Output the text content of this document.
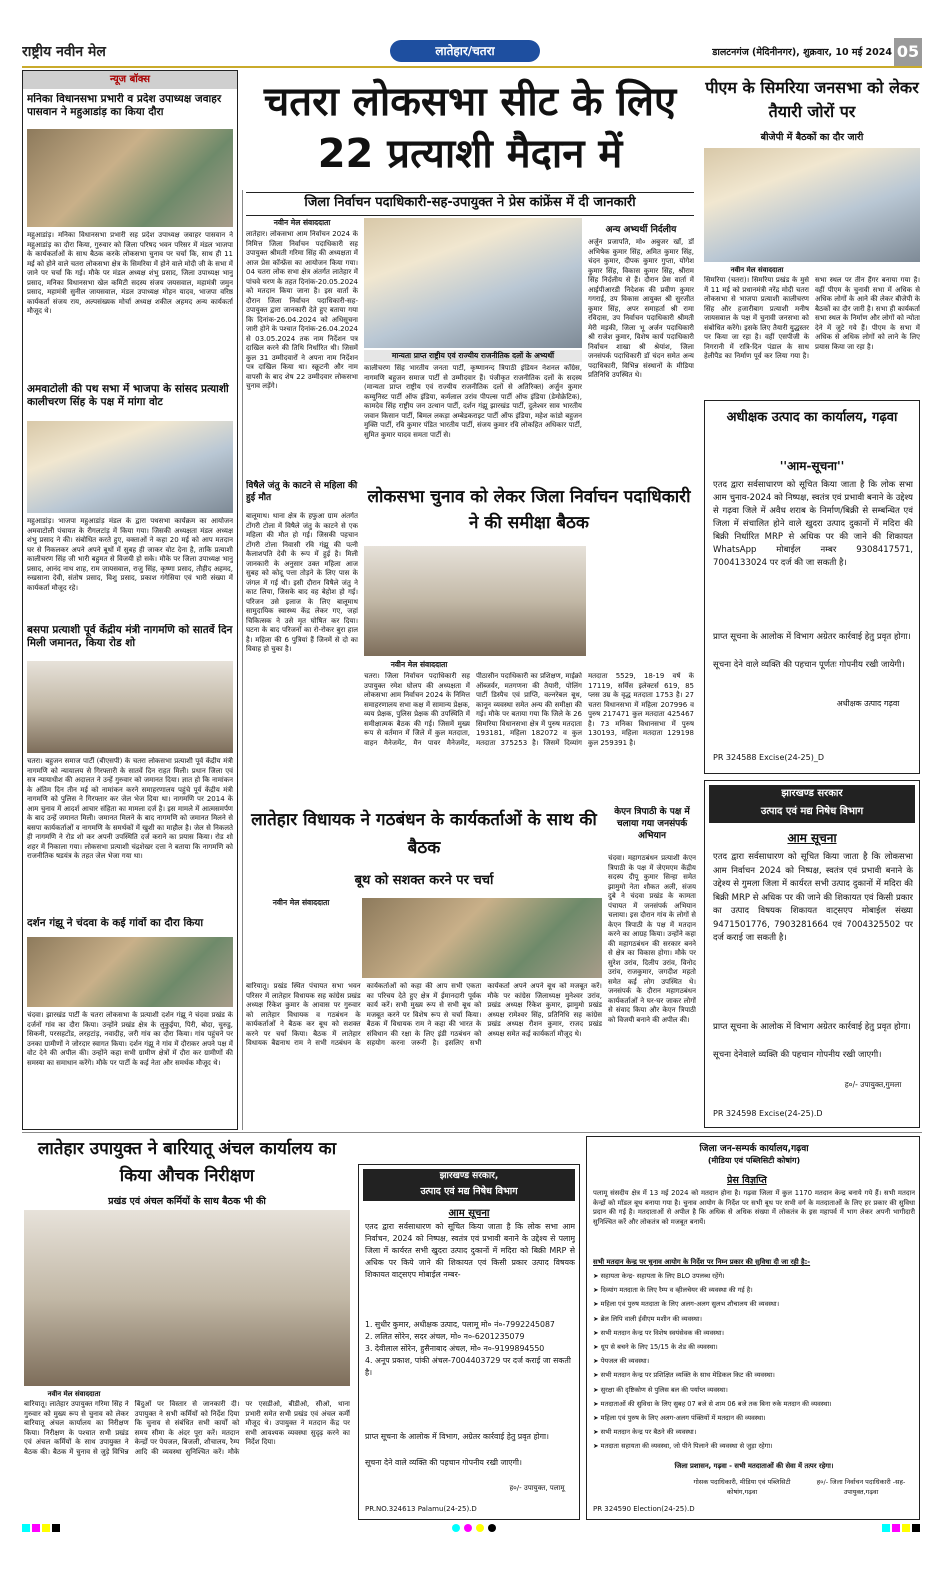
राष्ट्रीय नवीन मेल	लातेहार/चतरा	डालटनगंज (मेदिनीनगर), शुक्रवार, 10 मई 2024 05
न्यूज बॉक्स
मनिका विधानसभा प्रभारी व प्रदेश उपाध्यक्ष जवाहर पासवान ने महुआडांड़ का किया दौरा
महुआडांड़। मनिका विधानसभा प्रभारी सह प्रदेश उपाध्यक्ष जवाहर पासवान ने महुआडांड़ का दौरा किया, गुरुवार को जिला परिषद भवन परिसर में मंडल भाजपा के कार्यकर्ताओं के साथ बैठक करके लोकसभा चुनाव पर चर्चा कि, साथ ही 11 मई को होने वाले चतरा लोकसभा क्षेत्र के सिमरिया में होने वाले मोदी जी के सभा में जाने पर चर्चा कि गई। मौके पर मंडल अध्यक्ष शंभु प्रसाद, जिला उपाध्यक्ष भानु प्रसाद, मनिका विधानसभा खेल कमिटी सदस्य संजय जयसवाल, महामंत्री जमुन प्रसाद, महामंत्री सुनील जायसवाल, मंडल उपाध्यक्ष मोहन यादव, भाजपा वरिष्ठ कार्यकर्ता संजय राय, अल्पसंख्यक मोर्चा अध्यक्ष शकील अहमद अन्य कार्यकर्ता मौजूद थे।
अमवाटोली की पथ सभा में भाजपा के सांसद प्रत्याशी कालीचरण सिंह के पक्ष में मांगा वोट
महुआडांड़। भाजपा महुआडांड़ मंडल के द्वारा पथसभा कार्यक्रम का आयोजन अमवाटोली पंचायत के रीगलटांड़ में किया गया। जिसकी अध्यक्षता मंडल अध्यक्ष शंभु प्रसाद ने की। संबोधित करते हुए, वक्ताओं ने कहा 20 मई को आप मतदान घर से निकलकर अपने अपने बूथों में सुबह ही जाकर वोट देना है, ताकि प्रत्याशी कालीचरण सिंह जी भारी बहुमत से विजयी हो सके। मौके पर जिला उपाध्यक्ष भानु प्रसाद, आनंद नाथ शाह, राम जायसवाल, राजु सिंह, कृष्णा प्रसाद, तौहीद अहमद, रुखसाना देवी, संतोष प्रसाद, विशु प्रसाद, प्रकाश गंगेसिया एवं भारी संख्या में कार्यकर्ता मौजूद रहे।
बसपा प्रत्याशी पूर्व केंद्रीय मंत्री नागमणि को सातवें दिन मिली जमानत, किया रोड शो
चतरा। बहुजन समाज पार्टी (बीएसपी) के चतरा लोकसभा प्रत्याशी पूर्व केंद्रीय मंत्री नागमणि को न्यायालय से गिरफ्तारी के सातवें दिन राहत मिली। प्रधान जिला एवं सत्र न्यायाधीश की अदालत ने उन्हें गुरुवार को जमानत दिया। ज्ञात हो कि नामांकन के अंतिम दिन तीन मई को नामांकन करने समाहरणालय पहुंचे पूर्व केंद्रीय मंत्री नागमणि को पुलिस ने गिरफ्तार कर जेल भेज दिया था। नागमणि पर 2014 के आम चुनाव में आदर्श आचार संहिता का मामला दर्ज है। इस मामले में आत्मसमर्पण के बाद उन्हें जमानत मिली। जमानत मिलने के बाद नागमणि को जमानत मिलने से बसपा कार्यकर्ताओं व नागमणि के समर्थकों में खुशी का माहौल है। जेल से निकलते ही नागमणि ने रोड शो कर अपनी उपस्थिति दर्ज कराने का प्रयास किया। रोड शो शहर में निकाला गया। लोकसभा प्रत्याशी चंद्रशेखर दत्ता ने बताया कि नागमणि को राजनीतिक षडयंत्र के तहत जेल भेजा गया था।
दर्शन गंझू ने चंदवा के कई गांवों का दौरा किया
चंदवा। झारखंड पार्टी के चतरा लोकसभा के प्रत्याशी दर्शन गंझू ने चंदवा प्रखंड के दर्जनों गांव का दौरा किया। उन्होंने प्रखंड क्षेत्र के लुकुईया, पिरी, बोदा, चुरुडु, सिकनी, परसहटोंड, लरहटांड़, नवादीह, जरी गांव का दौरा किया। गांव पहुंचने पर उनका ग्रामीणों ने जोरदार स्वागत किया। दर्शन गंझू ने गांव में दौराकर अपने पक्ष में वोट देने की अपील की। उन्होंने कहा सभी ग्रामीण क्षेत्रों में दौरा कर ग्रामीणों की समस्या का समाधान करेंगे। मौके पर पार्टी के कई नेता और समर्थक मौजूद थे।
चतरा लोकसभा सीट के लिए 22 प्रत्याशी मैदान में
जिला निर्वाचन पदाधिकारी-सह-उपायुक्त ने प्रेस कांफ्रेंस में दी जानकारी
नवीन मेल संवाददाता
लातेहार। लोकसभा आम निर्वाचन 2024 के निमित्त जिला निर्वाचन पदाधिकारी सह उपायुक्त श्रीमती गरिमा सिंह की अध्यक्षता में आज प्रेस कॉन्फ्रेंस का आयोजन किया गया। 04 चतरा लोक सभा क्षेत्र अंतर्गत लातेहार में पांचवे चरण के तहत दिनांक-20.05.2024 को मतदान किया जाना है। इस वार्ता के दौरान जिला निर्वाचन पदाधिकारी-सह-उपायुक्त द्वारा जानकारी देते हुए बताया गया कि दिनांक-26.04.2024 को अधिसूचना जारी होने के पश्चात दिनांक-26.04.2024 से 03.05.2024 तक नाम निर्देशन पत्र दाखिल करने की तिथि निर्धारित थी। जिसमें कुल 31 उम्मीदवारों ने अपना नाम निर्देशन पत्र दाखिल किया था। स्क्रूटनी और नाम वापसी के बाद शेष 22 उम्मीदवार लोकसभा चुनाव लड़ेंगे।
मान्यता प्राप्त राष्ट्रीय एवं राज्यीय राजनीतिक दलों के अभ्यर्थी
कालीचरण सिंह भारतीय जनता पार्टी, कृष्णानन्द त्रिपाठी इंडियन नेशनल काँग्रेस, नागमणि बहुजन समाज पार्टी से उम्मीदवार हैं। पंजीकृत राजनीतिक दलों के सदस्य (मान्यता प्राप्त राष्ट्रीय एवं राज्यीय राजनीतिक दलों से अतिरिक्त) अर्जुन कुमार कम्युनिस्ट पार्टी ऑफ इंडिया, कर्मलाल उरांव पीपल्स पार्टी ऑफ इंडिया (डेमोक्रेटिक), कामदेव सिंह राष्ट्रीय जन उत्थान पार्टी, दर्शन गंझू झारखंड पार्टी, दुलेश्वर साव भारतीय जवान किसान पार्टी, बिमल लकड़ा अम्बेडकराइट पार्टी ऑफ इंडिया, महेश कांडो बहुजन मुक्ति पार्टी, रवि कुमार पंडित भारतीय पार्टी, संजय कुमार रवि लोकहित अधिकार पार्टी, सुमित कुमार यादव समता पार्टी से।
अन्य अभ्यर्थी निर्दलीय
अर्जुन प्रजापति, मो० अबुजर खाँ, डॉ अभिषेक कुमार सिंह, अमित कुमार सिंह, चंदन कुमार, दीपक कुमार गुप्ता, योगेश कुमार सिंह, विकास कुमार सिंह, श्रीराम सिंह निर्दलीय से हैं। दौरान प्रेस वार्ता में आईपीआरडी निदेशक की प्रवीण कुमार गगराई, उप विकास आयुक्त श्री सुरजीत कुमार सिंह, अपर समाहर्ता श्री रामा रविदास, उप निर्वाचन पदाधिकारी श्रीमती मेरी मड़की, जिला भू अर्जन पदाधिकारी श्री राजेश कुमार, विशेष कार्य पदाधिकारी निर्वाचन शाखा श्री श्रेयांश, जिला जनसंपर्क पदाधिकारी डॉ चंदन समेत अन्य पदाधिकारी, विभिन्न संस्थानों के मीडिया प्रतिनिधि उपस्थित थे।
विषैले जंतु के काटने से महिला की हुई मौत
बालूमाथ। थाना क्षेत्र के हफुआ ग्राम अंतर्गत टोंगरी टोला में विषैले जंतु के काटने से एक महिला की मौत हो गई। जिसकी पहचान टोंगरी टोला निवासी रवि गंझू की पत्नी कैलाशपति देवी के रूप में हुई है। मिली जानकारी के अनुसार उक्त महिला आज सुबह को कोदू पत्ता तोड़ने के लिए पास के जंगल में गई थी। इसी दौरान विषैले जंतु ने काट लिया, जिसके बाद वह बेहोश हो गई। परिजन उसे इलाज के लिए बालूमाथ सामुदायिक स्वास्थ्य केंद्र लेकर गए, जहां चिकित्सक ने उसे मृत घोषित कर दिया। घटना के बाद परिजनों का रो-रोकर बुरा हाल है। महिला की 6 पुत्रियां हैं जिनमें से दो का विवाह हो चुका है।
लोकसभा चुनाव को लेकर जिला निर्वाचन पदाधिकारी ने की समीक्षा बैठक
नवीन मेल संवाददाता
चतरा। जिला निर्वाचन पदाधिकारी सह उपायुक्त रमेश घोलप की अध्यक्षता में लोकसभा आम निर्वाचन 2024 के निमित्त समाहरणालय सभा कक्ष में सामान्य प्रेक्षक, व्यय प्रेक्षक, पुलिस प्रेक्षक की उपस्थिति में समीक्षात्मक बैठक की गई। जिसमें मुख्य रूप से वर्तमान में जिले में कुल मतदाता, वाहन मैनेजमेंट, मैन पावर मैनेजमेंट, पीठासीन पदाधिकारी का प्रशिक्षण, माईक्रो ऑब्जर्वर, मतगणना की तैयारी, पोलिंग पार्टी डिस्पैच एवं प्राप्ति, वल्नरेबल बूथ, कानून व्यवस्था समेत अन्य की समीक्षा की गई। मौके पर बताया गया कि जिले के 26 सिमरिया विधानसभा क्षेत्र में पुरुष मतदाता 193181, महिला 182072 व कुल मतदाता 375253 है। जिसमें दिव्यांग मतदाता 5529, 18-19 वर्ष के 17119, सर्विस इलेक्टर्स 619, 85 प्लस उम्र के वृद्ध मतदाता 1753 है। 27 चतरा विधानसभा में महिला 207996 व पुरुष 217471 कुल मतदाता 425467 है। 73 मनिका विधानसभा में पुरुष 130193, महिला मतदाता 129198 कुल 259391 है।
लातेहार विधायक ने गठबंधन के कार्यकर्ताओं के साथ की बैठक
बूथ को सशक्त करने पर चर्चा
नवीन मेल संवाददाता
बारियातू। प्रखंड स्थित पंचायत सभा भवन परिसर में लातेहार विधायक सह कांग्रेस प्रखंड अध्यक्ष रिंकेश कुमार के आवास पर गुरुवार को लातेहार विधायक व गठबंधन के कार्यकर्ताओं ने बैठक कर बूथ को सशक्त करने पर चर्चा किया। बैठक में लातेहार विधायक बैद्यनाथ राम ने सभी गठबंधन के कार्यकर्ताओं को कहा की आप सभी एकता का परिचय देते हुए क्षेत्र में ईमानदारी पूर्वक कार्य करें। सभी मुख्य रूप से सभी बूथ को मजबूत करने पर विशेष रूप से चर्चा किया। बैठक में विधायक राम ने कहा की भारत के संविधान की रक्षा के लिए इंडी गठबंधन को सहयोग करना जरूरी है। इसलिए सभी कार्यकर्ता अपने अपने बूथ को मजबूत करें। मौके पर कांग्रेस जिलाध्यक्ष मुनेश्वर उरांव, प्रखंड अध्यक्ष रिंकेश कुमार, झामुमो प्रखंड अध्यक्ष रामेश्वर सिंह, प्रतिनिधि सह कांग्रेस प्रखंड अध्यक्ष रौशन कुमार, राजद प्रखंड अध्यक्ष समेत कई कार्यकर्ता मौजूद थे।
केएन त्रिपाठी के पक्ष में चलाया गया जनसंपर्क अभियान
चंदवा। महागठबंधन प्रत्याशी केएन त्रिपाठी के पक्ष में जेएमएम केंद्रीय सदस्य दीपू कुमार सिन्हा समेत झामुमो नेता शौकत अली, संजय दुबे ने चंदवा प्रखंड के कामता पंचायत में जनसंपर्क अभियान चलाया। इस दौरान गांव के लोगों से केएन त्रिपाठी के पक्ष में मतदान करने का आग्रह किया। उन्होंने कहा की महागठबंधन की सरकार बनने से क्षेत्र का विकास होगा। मौके पर सुरेश उरांव, दिलीप उरांव, विनोद उरांव, राजकुमार, जगदीश महतो समेत कई लोग उपस्थित थे। जनसंपर्क के दौरान महागठबंधन कार्यकर्ताओं ने घर-घर जाकर लोगों से संवाद किया और केएन त्रिपाठी को विजयी बनाने की अपील की।
पीएम के सिमरिया जनसभा को लेकर तैयारी जोरों पर
बीजेपी में बैठकों का दौर जारी
नवीन मेल संवाददाता
सिमरिया (चतरा)। सिमरिया प्रखंड के मुसे में 11 मई को प्रधानमंत्री नरेंद्र मोदी चतरा लोकसभा से भाजपा प्रत्याशी कालीचरण सिंह और हजारीबाग प्रत्याशी मनीष जायसवाल के पक्ष में चुनावी जनसभा को संबोधित करेंगे। इसके लिए तैयारी युद्धस्तर पर किया जा रहा है। वहीं एसपीजी के निगरानी में रात्रि-दिन पंडाल के साथ हेलीपैड का निर्माण पूर्व कर लिया गया है। सभा स्थल पर तीन हैंगर बनाया गया है। वहीं पीएम के चुनावी सभा में अधिक से अधिक लोगों के आने की लेकर बीजेपी के बैठकों का दौर जारी है। सभा ही कार्यकर्ता सभा स्थल के निर्माण और लोगों को न्योता देने में जुटे गये हैं। पीएम के सभा में अधिक से अधिक लोगों को लाने के लिए प्रयास किया जा रहा है।
अधीक्षक उत्पाद का कार्यालय, गढ़वा
''आम-सूचना''
एतद द्वारा सर्वसाधारण को सूचित किया जाता है कि लोक सभा आम चुनाव-2024 को निष्पक्ष, स्वतंत्र एवं प्रभावी बनाने के उद्देश्य से गढ़वा जिले में अवैध शराब के निर्माण/बिक्री से सम्बन्धित एवं जिला में संचालित होने वाले खुदरा उत्पाद दुकानों में मदिरा की बिक्री निर्धारित MRP से अधिक पर की जाने की शिकायत WhatsApp मोबाईल नम्बर 9308417571, 7004133024 पर दर्ज की जा सकती है।
प्राप्त सूचना के आलोक में विभाग अग्रेतर कार्रवाई हेतु प्रवृत होगा।
सूचना देने वाले व्यक्ति की पहचान पूर्णतः गोपनीय रखी जायेगी।
अधीक्षक उत्पाद गढ़वा
PR 324588 Excise(24-25)_D
झारखण्ड सरकार
उत्पाद एवं मद्य निषेध विभाग
आम सूचना
एतद द्वारा सर्वसाधारण को सूचित किया जाता है कि लोकसभा आम निर्वाचन 2024 को निष्पक्ष, स्वतंत्र एवं प्रभावी बनाने के उद्देश्य से गुमला जिला में कार्यरत सभी उत्पाद दुकानों में मदिरा की बिक्री MRP से अधिक पर की जाने की शिकायत एवं किसी प्रकार का उत्पाद विषयक शिकायत वाट्सएप मोबाईल संख्या 9471501776, 7903281664 एवं 7004325502 पर दर्ज कराई जा सकती है।
प्राप्त सूचना के आलोक में विभाग अग्रेतर कार्रवाई हेतु प्रवृत होगा।
सूचना देनेवाले व्यक्ति की पहचान गोपनीय रखी जाएगी।
ह०/- उपायुक्त,गुमला
PR 324598 Excise(24-25).D
लातेहार उपायुक्त ने बारियातू अंचल कार्यालय का किया औचक निरीक्षण
प्रखंड एवं अंचल कर्मियों के साथ बैठक भी की
नवीन मेल संवाददाता
बारियातू। लातेहार उपायुक्त गरिमा सिंह ने गुरुवार को मुख्य रूप से चुनाव को लेकर बारियातू अंचल कार्यालय का निरीक्षण किया। निरीक्षण के पश्चात सभी प्रखंड एवं अंचल कर्मियों के साथ उपायुक्त ने बैठक की। बैठक में चुनाव से जुड़े विभिन्न बिंदुओं पर विस्तार से जानकारी दी। उपायुक्त ने सभी कर्मियों को निर्देश दिया कि चुनाव से संबंधित सभी कार्यों को समय सीमा के अंदर पूरा करें। मतदान केन्द्रों पर पेयजल, बिजली, शौचालय, रैम्प आदि की व्यवस्था सुनिश्चित करें। मौके पर एसडीओ, बीडीओ, सीओ, थाना प्रभारी समेत सभी प्रखंड एवं अंचल कर्मी मौजूद थे। उपायुक्त ने मतदान केंद्र पर सभी आवश्यक व्यवस्था सुदृढ़ करने का निर्देश दिया।
झारखण्ड सरकार,
उत्पाद एवं मद्य निषेध विभाग
आम सूचना
एतद द्वारा सर्वसाधारण को सूचित किया जाता है कि लोक सभा आम निर्वाचन, 2024 को निष्पक्ष, स्वतंत्र एवं प्रभावी बनाने के उद्देश्य से पलामू जिला में कार्यरत सभी खुदरा उत्पाद दुकानों में मदिरा को बिक्री MRP से अधिक पर किये जाने की शिकायत एवं किसी प्रकार उत्पाद विषयक शिकायत वाट्सएप मोबाईल नम्बर-
1. सुधीर कुमार, अधीक्षक उत्पाद, पलामू मो० नं०-7992245087
2. ललित सोरेन, सदर अंचल, मो० न०-6201235079
3. देवीलाल सोरेन, हुसैनाबाद अंचल, मो० न०-9199894550
4. अनूप प्रकाश, पांकी अंचल-7004403729 पर दर्ज कराई जा सकती है।
प्राप्त सूचना के आलोक में विभाग, अग्रेतर कार्रवाई हेतु प्रवृत होगा।
सूचना देने वाले व्यक्ति की पहचान गोपनीय रखी जाएगी।
ह०/- उपायुक्त, पलामू
PR.NO.324613 Palamu(24-25).D
जिला जन-सम्पर्क कार्यालय,गढ़वा
(मीडिया एवं पब्लिसिटी कोषांग)
प्रेस विज्ञप्ति
पलामू संसदीय क्षेत्र में 13 मई 2024 को मतदान होना है। गढ़वा जिला में कुल 1170 मतदान केन्द्र बनाये गये हैं। सभी मतदान केन्द्रों को मॉडल बूथ बनाया गया है। चुनाव आयोग के निर्देश पर सभी बूथ पर सभी वर्ग के मतदाताओं के लिए हर प्रकार की सुविधा प्रदान की गई है। मतदाताओं से अपील है कि अधिक से अधिक संख्या में लोकतंत्र के इस महापर्व में भाग लेकर अपनी भागीदारी सुनिश्चित करें और लोकतंत्र को मजबूत बनायें।
सभी मतदान केन्द्र पर चुनाव आयोग के निर्देश पर निम्न प्रकार की सुविधा दी जा रही है:-
➤ सहायता केन्द्र- सहायता के लिए BLO उपलब्ध रहेंगे।
➤ दिव्यांग मतदाता के लिए रैम्प व व्हीलचेयर की व्यवस्था की गई है।
➤ महिला एवं पुरुष मतदाता के लिए अलग-अलग सुलभ शौचालय की व्यवस्था।
➤ ब्रेल लिपि वाली ईवीएम मशीन की व्यवस्था।
➤ सभी मतदान केन्द्र पर विशेष स्वयंसेवक की व्यवस्था।
➤ धूप से बचने के लिए 15/15 के शेड की व्यवस्था।
➤ पेयजल की व्यवस्था।
➤ सभी मतदान केन्द्र पर प्रशिक्षित व्यक्ति के साथ मेडिकल किट की व्यवस्था।
➤ सुरक्षा की दृष्टिकोण से पुलिस बल की पर्याप्त व्यवस्था।
➤ मतदाताओं की सुविधा के लिए सुबह 07 बजे से शाम 06 बजे तक बिना रुके मतदान की व्यवस्था।
➤ महिला एवं पुरुष के लिए अलग-अलग पंक्तियों में मतदान की व्यवस्था।
➤ सभी मतदान केन्द्र पर बैठने की व्यवस्था।
➤ मतदाता सहायता की व्यवस्था, जो पीने पिलाने की व्यवस्था से जुड़ा रहेगा।
जिला प्रशासन, गढ़वा - सभी मतदाताओं की सेवा में तत्पर रहेगा।
गोसक पदाधिकारी, मीडिया एवं पब्लिसिटी कोषांग,गढ़वा
ह०/- जिला निर्वाचन पदाधिकारी -सह- उपायुक्त,गढ़वा
PR 324590 Election(24-25).D
